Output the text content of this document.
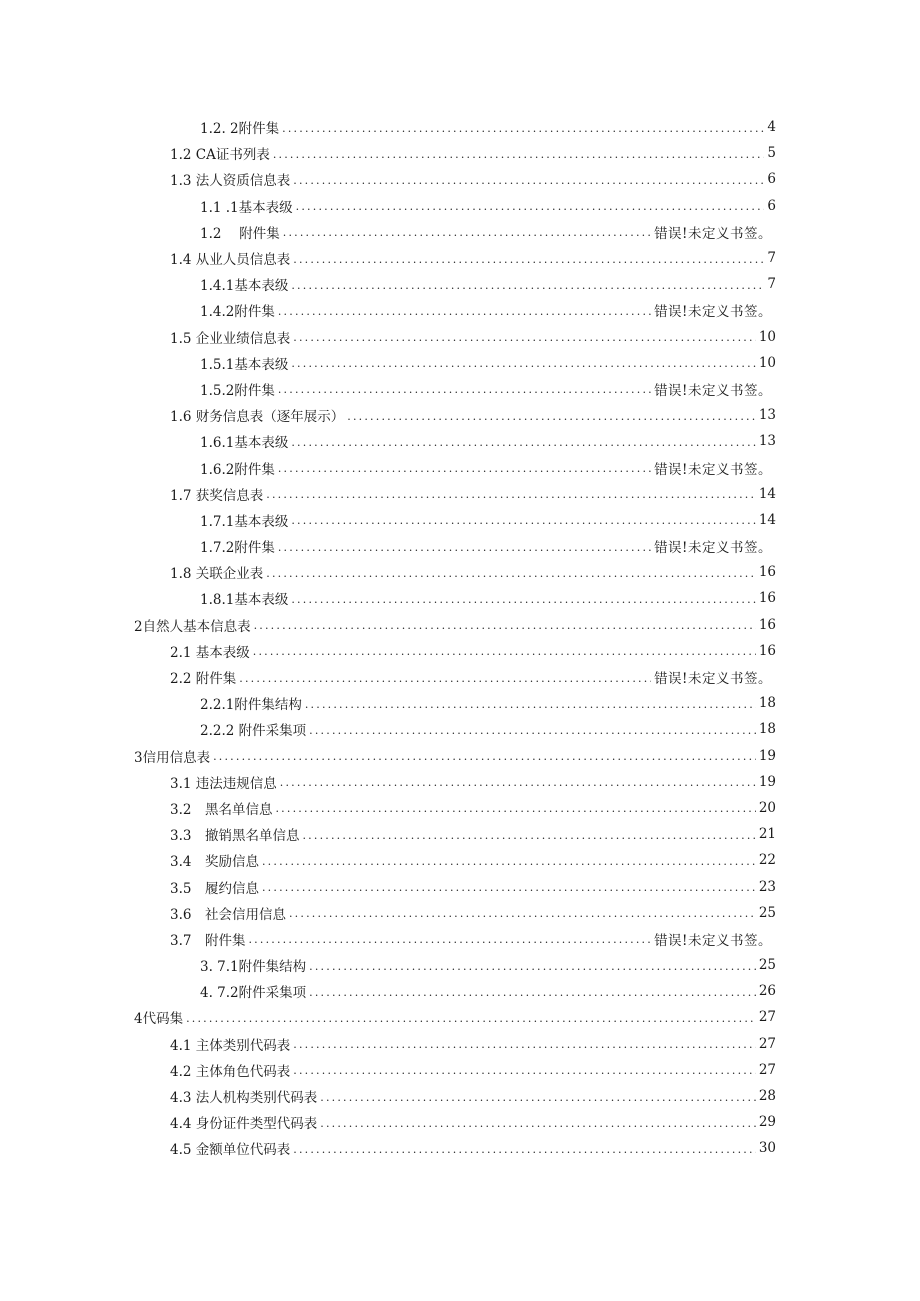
1.2. 2附件集 .....	4
1.2 CA证书列表 .....	5
1.3 法人资质信息表 .....	6
1.1 .1基本表级 .....	6
1.2　 附件集 .....	错误!未定义书签。
1.4 从业人员信息表 .....	7
1.4.1基本表级 .....	7
1.4.2附件集 .....	错误!未定义书签。
1.5 企业业绩信息表 .....	10
1.5.1基本表级 .....	10
1.5.2附件集 .....	错误!未定义书签。
1.6 财务信息表（逐年展示） .....	13
1.6.1基本表级 .....	13
1.6.2附件集 .....	错误!未定义书签。
1.7 获奖信息表 .....	14
1.7.1基本表级 .....	14
1.7.2附件集 .....	错误!未定义书签。
1.8 关联企业表 .....	16
1.8.1基本表级 .....	16
2自然人基本信息表 .....	16
2.1 基本表级 .....	16
2.2 附件集 .....	错误!未定义书签。
2.2.1附件集结构 .....	18
2.2.2 附件采集项 .....	18
3信用信息表 .....	19
3.1 违法违规信息 .....	19
3.2　黑名单信息 .....	20
3.3　撤销黑名单信息 .....	21
3.4　奖励信息 .....	22
3.5　履约信息 .....	23
3.6　社会信用信息 .....	25
3.7　附件集 .....	错误!未定义书签。
3. 7.1附件集结构 .....	25
4. 7.2附件采集项 .....	26
4代码集 .....	27
4.1 主体类别代码表 .....	27
4.2 主体角色代码表 .....	27
4.3 法人机构类别代码表 .....	28
4.4 身份证件类型代码表 .....	29
4.5 金额单位代码表 .....	30
